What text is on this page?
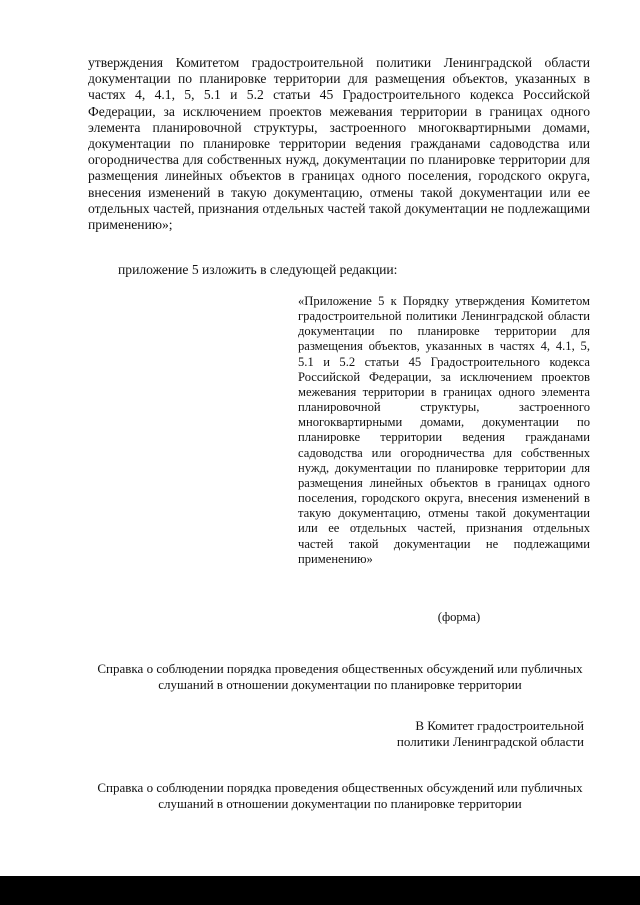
утверждения Комитетом градостроительной политики Ленинградской области документации по планировке территории для размещения объектов, указанных в частях 4, 4.1, 5, 5.1 и 5.2 статьи 45 Градостроительного кодекса Российской Федерации, за исключением проектов межевания территории в границах одного элемента планировочной структуры, застроенного многоквартирными домами, документации по планировке территории ведения гражданами садоводства или огородничества для собственных нужд, документации по планировке территории для размещения линейных объектов в границах одного поселения, городского округа, внесения изменений в такую документацию, отмены такой документации или ее отдельных частей, признания отдельных частей такой документации не подлежащими применению»;

приложение 5 изложить в следующей редакции:

«Приложение 5 к Порядку утверждения Комитетом градостроительной политики Ленинградской области документации по планировке территории для размещения объектов, указанных в частях 4, 4.1, 5, 5.1 и 5.2 статьи 45 Градостроительного кодекса Российской Федерации, за исключением проектов межевания территории в границах одного элемента планировочной структуры, застроенного многоквартирными домами, документации по планировке территории ведения гражданами садоводства или огородничества для собственных нужд, документации по планировке территории для размещения линейных объектов в границах одного поселения, городского округа, внесения изменений в такую документацию, отмены такой документации или ее отдельных частей, признания отдельных частей такой документации не подлежащими применению»

(форма)

Справка о соблюдении порядка проведения общественных обсуждений или публичных слушаний в отношении документации по планировке территории

В Комитет градостроительной
политики Ленинградской области

Справка о соблюдении порядка проведения общественных обсуждений или публичных слушаний в отношении документации по планировке территории
